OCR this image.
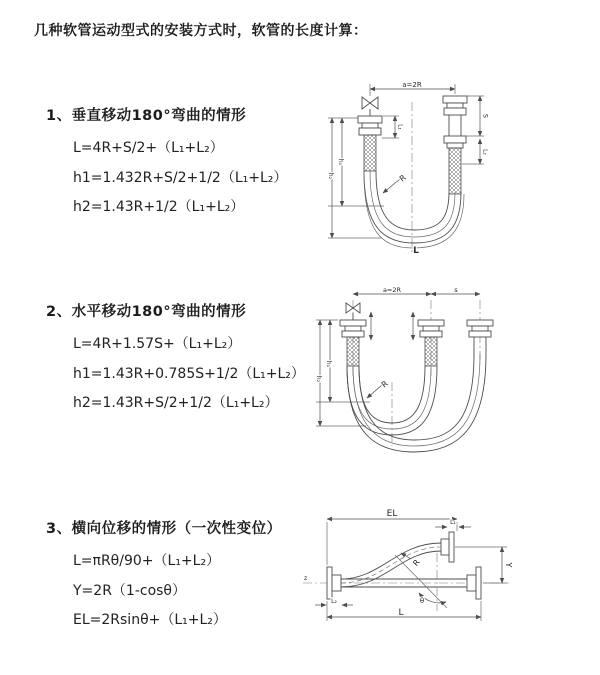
几种软管运动型式的安装方式时，软管的长度计算：
1、垂直移动180°弯曲的情形
L=4R+S/2+（L₁+L₂）
h1=1.432R+S/2+1/2（L₁+L₂）
h2=1.43R+1/2（L₁+L₂）
2、水平移动180°弯曲的情形
L=4R+1.57S+（L₁+L₂）
h1=1.43R+0.785S+1/2（L₁+L₂）
h2=1.43R+S/2+1/2（L₁+L₂）
3、横向位移的情形（一次性变位）
L=πRθ/90+（L₁+L₂）
Y=2R（1-cosθ）
EL=2Rsinθ+（L₁+L₂）
a=2R
S
L₂
L₁
h₁
h₂	R
L
a=2R	s
h₁
h₂
R
z
EL
L₁
Y
L
L₂
R
θ
